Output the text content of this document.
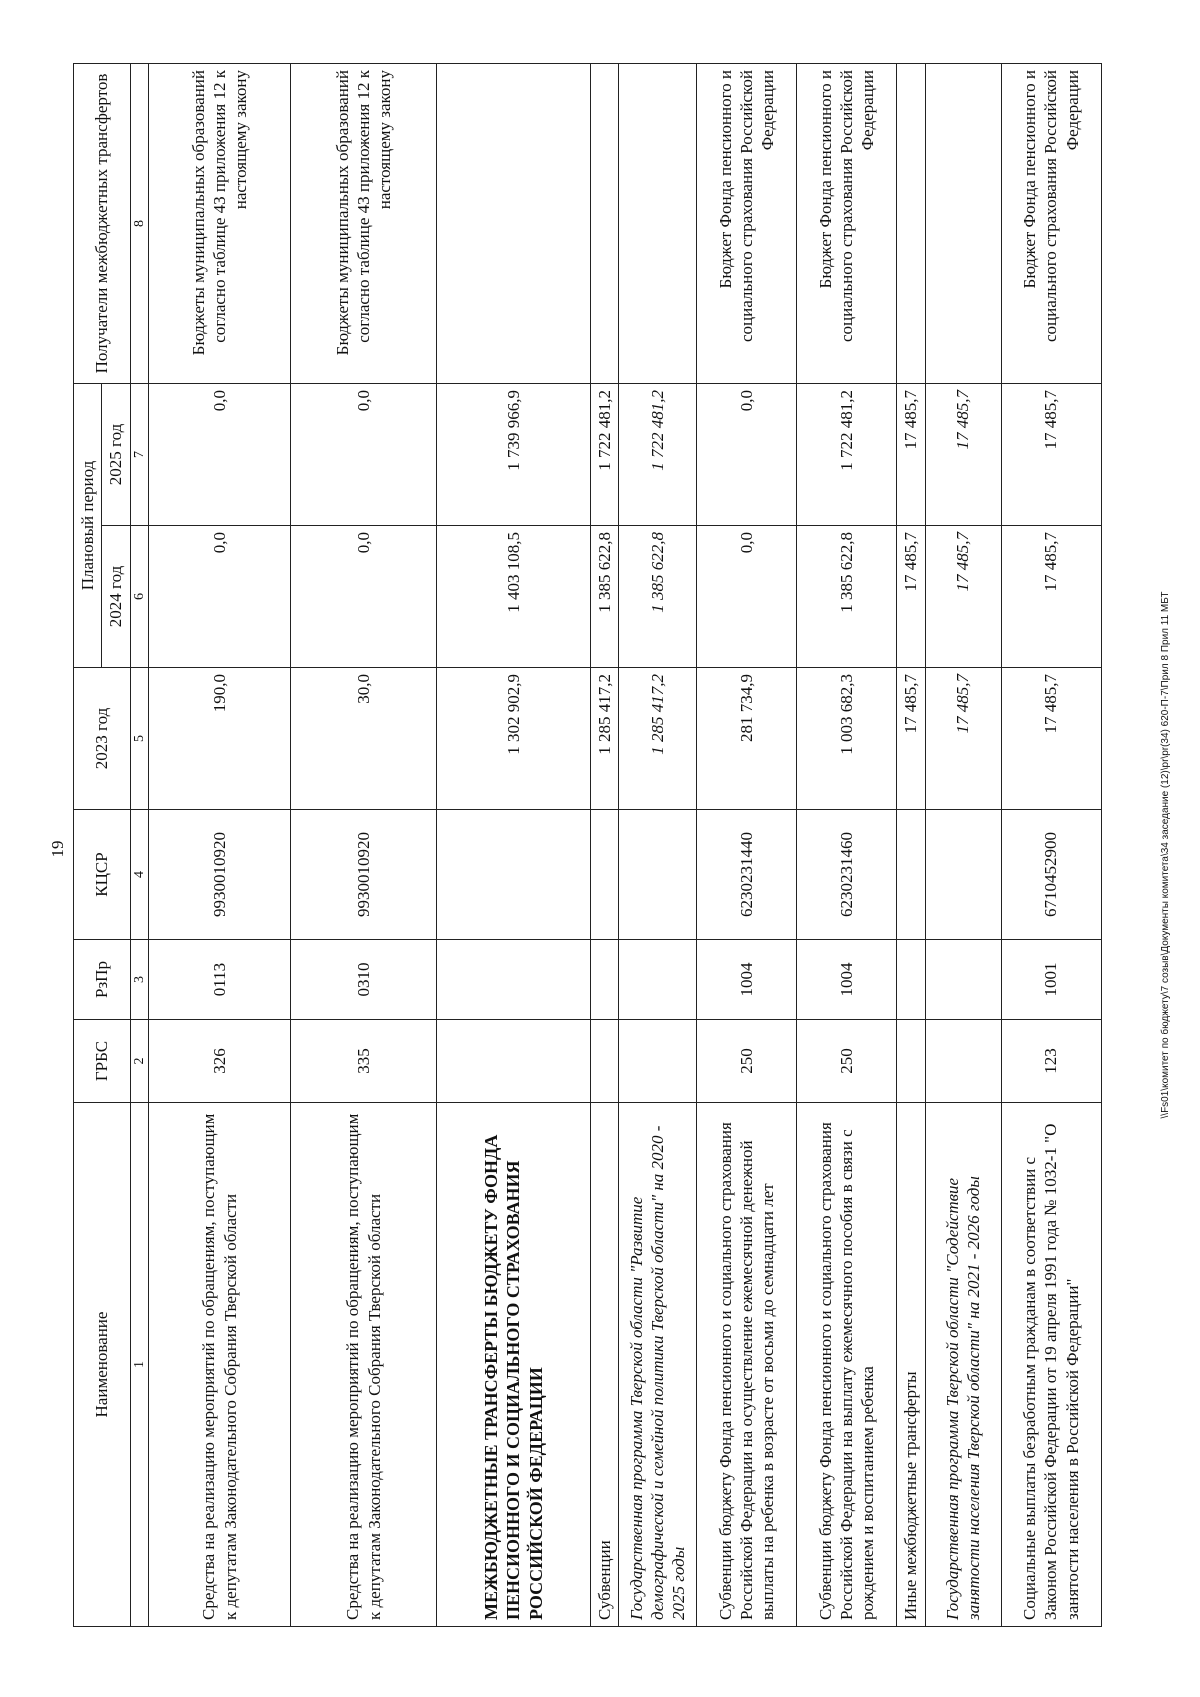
19
Наименование	ГРБС	РзПр	КЦСР	2023 год	Плановый период		Получатели межбюджетных трансфертов
					2024 год	2025 год	
1	2	3	4	5	6	7	8
Средства на реализацию мероприятий по обращениям, поступающим к депутатам Законодательного Собрания Тверской области	326	0113	9930010920	190,0	0,0	0,0	Бюджеты муниципальных образований согласно таблице 43 приложения 12 к настоящему закону
Средства на реализацию мероприятий по обращениям, поступающим к депутатам Законодательного Собрания Тверской области	335	0310	9930010920	30,0	0,0	0,0	Бюджеты муниципальных образований согласно таблице 43 приложения 12 к настоящему закону
МЕЖБЮДЖЕТНЫЕ ТРАНСФЕРТЫ БЮДЖЕТУ ФОНДА ПЕНСИОННОГО И СОЦИАЛЬНОГО СТРАХОВАНИЯ РОССИЙСКОЙ ФЕДЕРАЦИИ				1 302 902,9	1 403 108,5	1 739 966,9	
Субвенции				1 285 417,2	1 385 622,8	1 722 481,2	
Государственная программа Тверской области "Развитие демографической и семейной политики Тверской области" на 2020 - 2025 годы				1 285 417,2	1 385 622,8	1 722 481,2	
Субвенции бюджету Фонда пенсионного и социального страхования Российской Федерации на осуществление ежемесячной денежной выплаты на ребенка в возрасте от восьми до семнадцати лет	250	1004	6230231440	281 734,9	0,0	0,0	Бюджет Фонда пенсионного и социального страхования Российской Федерации
Субвенции бюджету Фонда пенсионного и социального страхования Российской Федерации на выплату ежемесячного пособия в связи с рождением и воспитанием ребенка	250	1004	6230231460	1 003 682,3	1 385 622,8	1 722 481,2	Бюджет Фонда пенсионного и социального страхования Российской Федерации
Иные межбюджетные трансферты				17 485,7	17 485,7	17 485,7	
Государственная программа Тверской области "Содействие занятости населения Тверской области" на 2021 - 2026 годы				17 485,7	17 485,7	17 485,7	
Социальные выплаты безработным гражданам в соответствии с Законом Российской Федерации от 19 апреля 1991 года № 1032-1 "О занятости населения в Российской Федерации"	123	1001	6710452900	17 485,7	17 485,7	17 485,7	Бюджет Фонда пенсионного и социального страхования Российской Федерации
\\Fs01\комитет по бюджету\7 созыв\Документы комитета\34 заседание (12)\pr\pr(34) 620-П-7\Прил 8 Прил 11 МБТ
